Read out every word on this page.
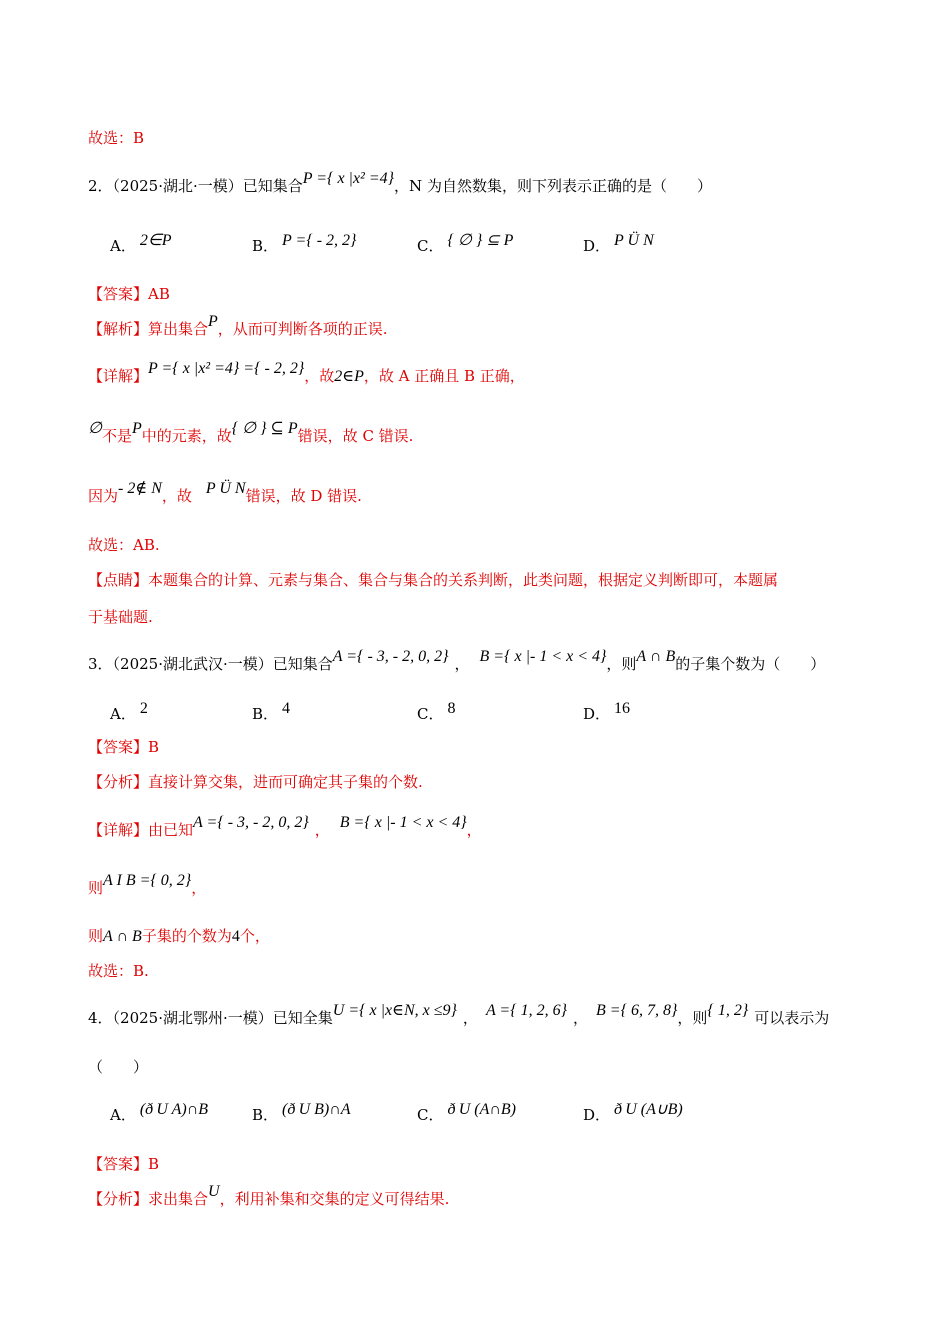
故选：B
2．（2025·湖北·一模）已知集合P ={ x |x² =4}，N 为自然数集，则下列表示正确的是（　　）
A． 2∈P	B． P ={ - 2, 2}	C． { ∅ } ⊆ P	D． P Ü N
【答案】AB
【解析】算出集合P，从而可判断各项的正误.
【详解】P ={ x |x² =4} ={ - 2, 2}，故2∈P，故 A 正确且 B 正确，
∅不是P中的元素，故{ ∅ } ⊆ P错误，故 C 错误.
因为- 2∉ N，故 P Ü N错误，故 D 错误.
故选：AB.
【点睛】本题集合的计算、元素与集合、集合与集合的关系判断，此类问题，根据定义判断即可，本题属
于基础题.
3．（2025·湖北武汉·一模）已知集合A ={ - 3, - 2, 0, 2} ， B ={ x |- 1 < x < 4}，则A ∩ B的子集个数为（　　）
A． 2	B． 4	C． 8	D． 16
【答案】B
【分析】直接计算交集，进而可确定其子集的个数.
【详解】由已知A ={ - 3, - 2, 0, 2} ， B ={ x |- 1 < x < 4}，
则A I B ={ 0, 2}，
则A ∩ B子集的个数为4个，
故选：B.
4．（2025·湖北鄂州·一模）已知全集U ={ x |x∈N, x ≤9} ， A ={ 1, 2, 6} ， B ={ 6, 7, 8}，则{ 1, 2} 可以表示为
（　　）
A． (ð U A)∩B	B． (ð U B)∩A	C． ð U (A∩B)	D． ð U (A∪B)
【答案】B
【分析】求出集合U，利用补集和交集的定义可得结果.
